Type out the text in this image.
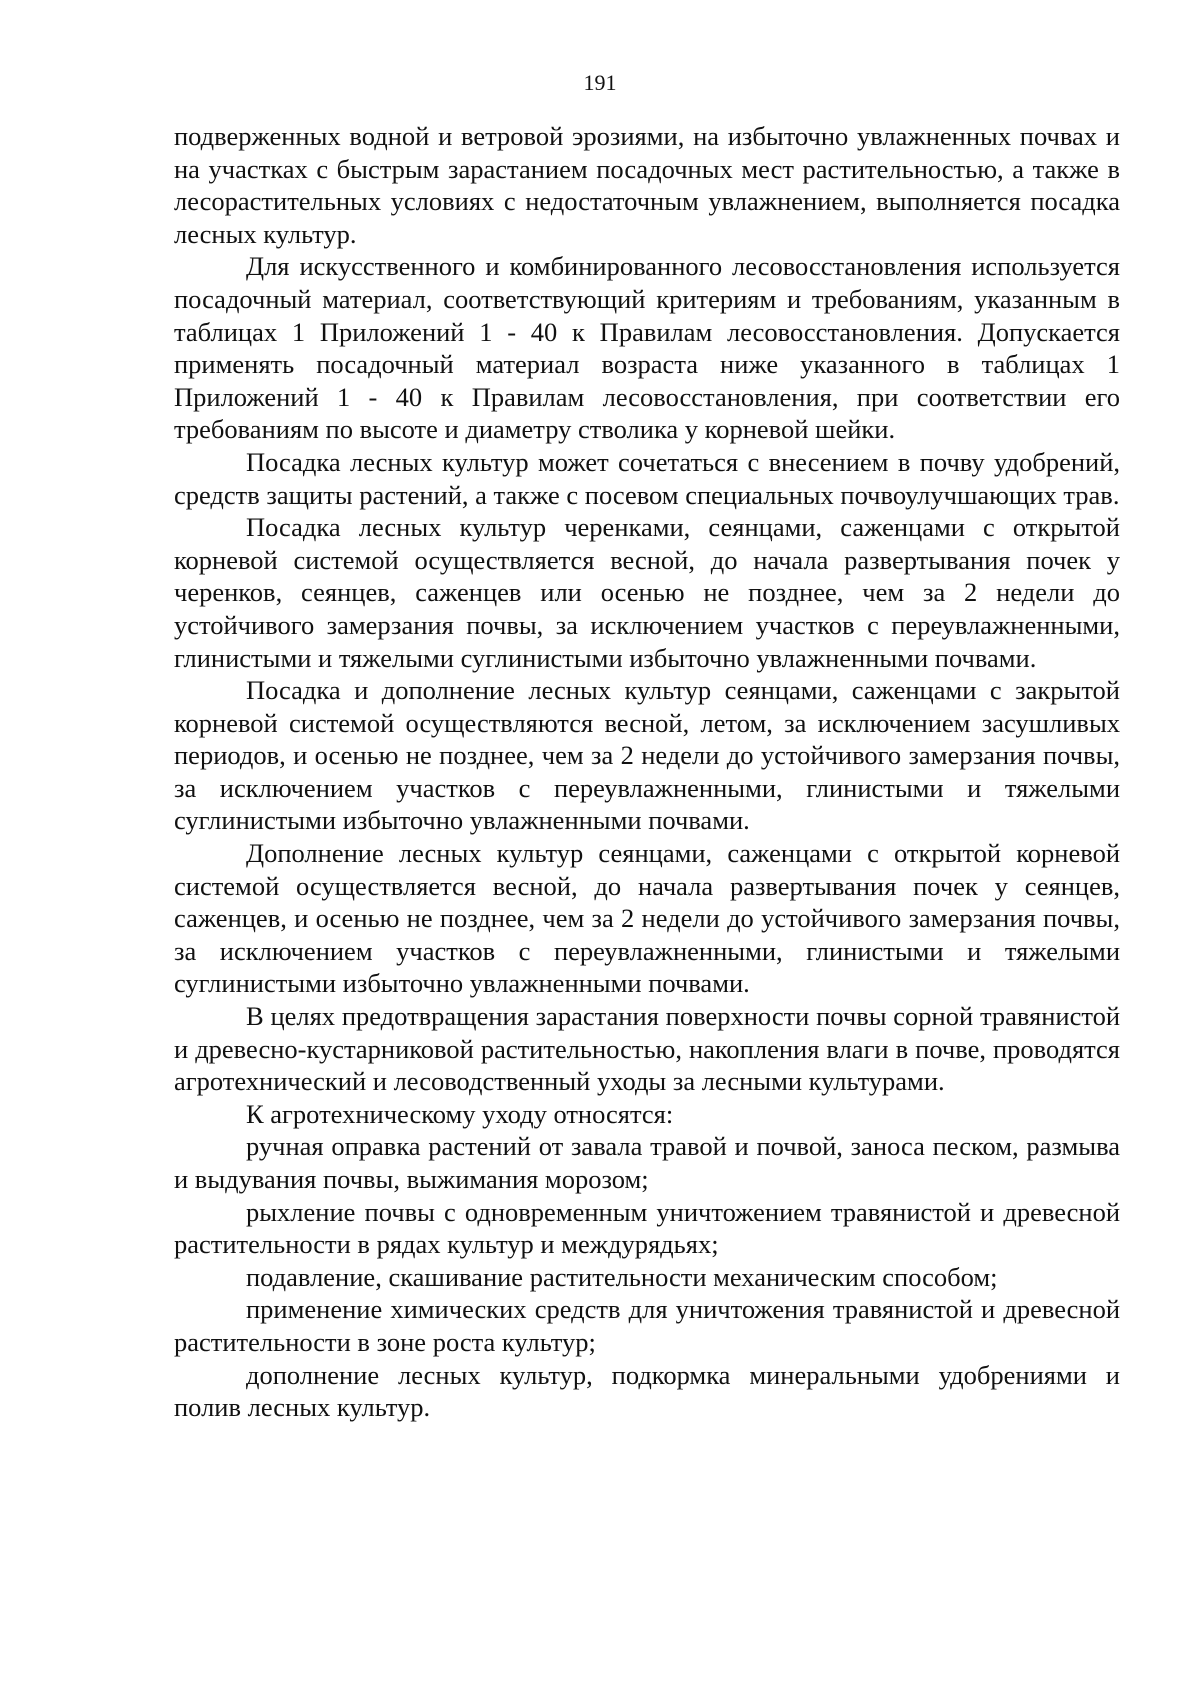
191

подверженных водной и ветровой эрозиями, на избыточно увлажненных почвах и на участках с быстрым зарастанием посадочных мест растительностью, а также в лесорастительных условиях с недостаточным увлажнением, выполняется посадка лесных культур.

Для искусственного и комбинированного лесовосстановления используется посадочный материал, соответствующий критериям и требованиям, указанным в таблицах 1 Приложений 1 - 40 к Правилам лесовосстановления. Допускается применять посадочный материал возраста ниже указанного в таблицах 1 Приложений 1 - 40 к Правилам лесовосстановления, при соответствии его требованиям по высоте и диаметру стволика у корневой шейки.

Посадка лесных культур может сочетаться с внесением в почву удобрений, средств защиты растений, а также с посевом специальных почвоулучшающих трав.

Посадка лесных культур черенками, сеянцами, саженцами с открытой корневой системой осуществляется весной, до начала развертывания почек у черенков, сеянцев, саженцев или осенью не позднее, чем за 2 недели до устойчивого замерзания почвы, за исключением участков с переувлажненными, глинистыми и тяжелыми суглинистыми избыточно увлажненными почвами.

Посадка и дополнение лесных культур сеянцами, саженцами с закрытой корневой системой осуществляются весной, летом, за исключением засушливых периодов, и осенью не позднее, чем за 2 недели до устойчивого замерзания почвы, за исключением участков с переувлажненными, глинистыми и тяжелыми суглинистыми избыточно увлажненными почвами.

Дополнение лесных культур сеянцами, саженцами с открытой корневой системой осуществляется весной, до начала развертывания почек у сеянцев, саженцев, и осенью не позднее, чем за 2 недели до устойчивого замерзания почвы, за исключением участков с переувлажненными, глинистыми и тяжелыми суглинистыми избыточно увлажненными почвами.

В целях предотвращения зарастания поверхности почвы сорной травянистой и древесно-кустарниковой растительностью, накопления влаги в почве, проводятся агротехнический и лесоводственный уходы за лесными культурами.

К агротехническому уходу относятся:

ручная оправка растений от завала травой и почвой, заноса песком, размыва и выдувания почвы, выжимания морозом;

рыхление почвы с одновременным уничтожением травянистой и древесной растительности в рядах культур и междурядьях;

подавление, скашивание растительности механическим способом;

применение химических средств для уничтожения травянистой и древесной растительности в зоне роста культур;

дополнение лесных культур, подкормка минеральными удобрениями и полив лесных культур.
